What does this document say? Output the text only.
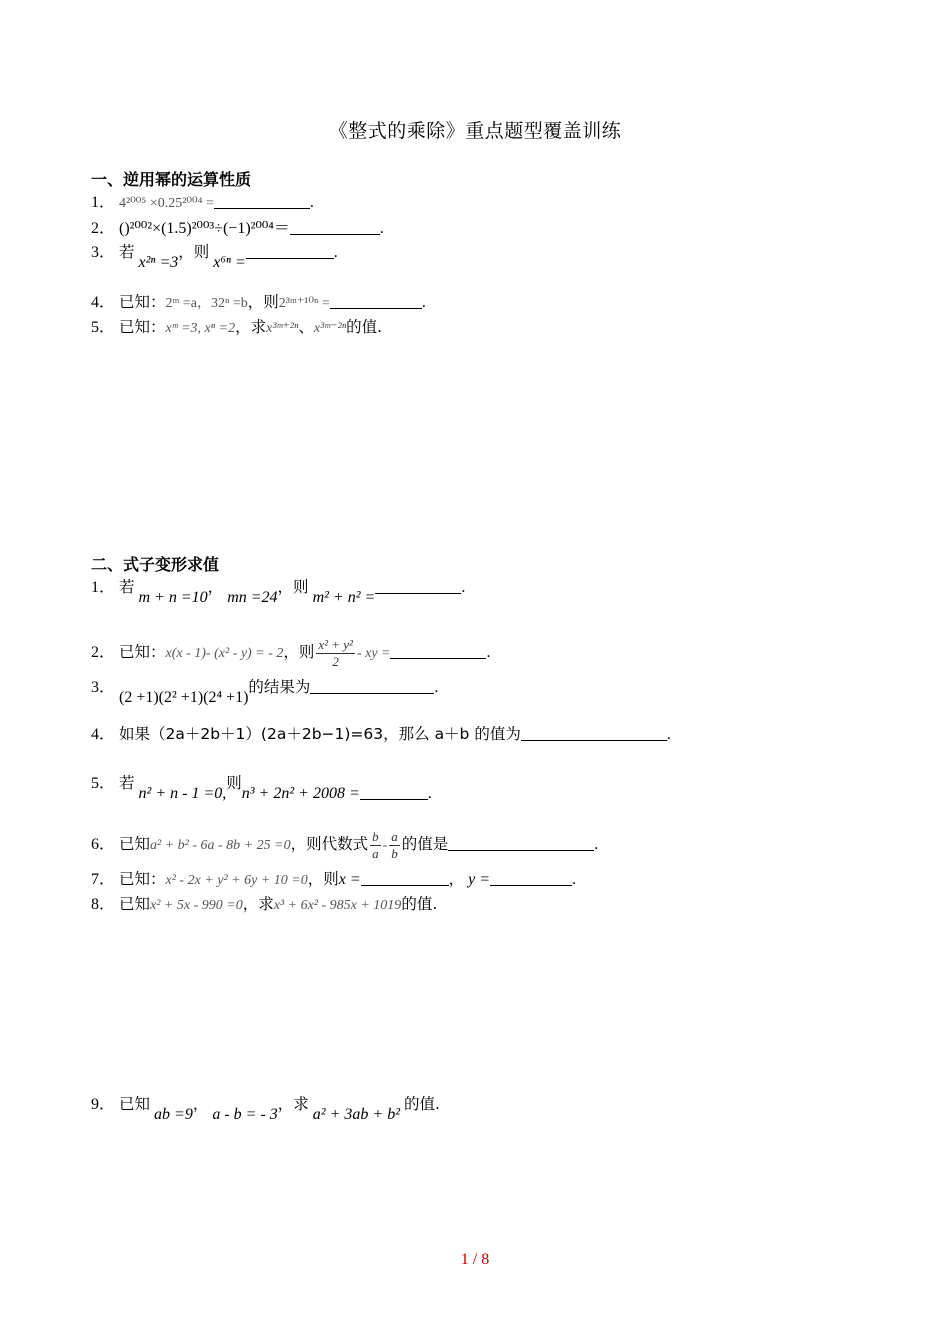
《整式的乘除》重点题型覆盖训练
一、逆用幂的运算性质
1． 4²⁰⁰⁵ ×0.25²⁰⁰⁴ =	.
2． ()²⁰⁰²×(1.5)²⁰⁰³÷(−1)²⁰⁰⁴＝	.
3． 若 x²ⁿ =3，则 x⁶ⁿ =.
4． 已知：2ᵐ =a，32ⁿ =b，则2³ᵐ⁺¹⁰ⁿ =	.
5． 已知：xᵐ =3, xⁿ =2，求x³ᵐ⁺²ⁿ、x³ᵐ⁻²ⁿ的值.
二、式子变形求值
1． 若 m + n =10， mn =24，则 m² + n² =.
2． 已知：x(x - 1)- (x² - y) = - 2，则 $\frac{\text{x² + y²}}{2}$ - xy =	.
3．(2 +1)(2² +1)(2⁴ +1)的结果为	.
4． 如果（2a＋2b＋1）(2a＋2b−1)=63，那么 a＋b 的值为	.
5． 若 n² + n - 1 =0,则n³ + 2n² + 2008 =	.
6． 已知a² + b² - 6a - 8b + 25 =0，则代数式 $\frac{b}{a} - \frac{a}{b}$ 的值是	.
7． 已知：x² - 2x + y² + 6y + 10 =0，则x =	， y =	.
8． 已知x² + 5x - 990 =0，求x³ + 6x² - 985x + 1019的值.
9． 已知 ab =9， a - b = - 3，求 a² + 3ab + b² 的值.
1 / 8
